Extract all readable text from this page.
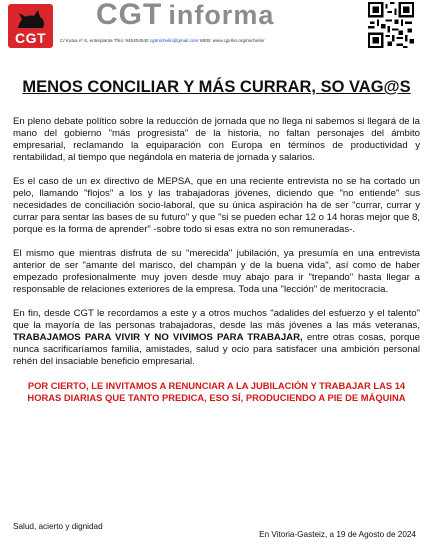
CGT
CGT informa
C/ Kutxa nº 6, entreplanta Tfno: 945204040 cgtmichelin@gmail.com WEB: www.cgt-lkn.org/michelin/
MENOS CONCILIAR Y MÁS CURRAR, SO VAG@S

En pleno debate político sobre la reducción de jornada que no llega ni sabemos si llegará de la mano del gobierno "más progresista" de la historia, no faltan personajes del ámbito empresarial, reclamando la equiparación con Europa en términos de productividad y rentabilidad, al tiempo que negándola en materia de jornada y salarios.

Es el caso de un ex directivo de MEPSA, que en una reciente entrevista no se ha cortado un pelo, llamando "flojos" a los y las trabajadoras jóvenes, diciendo que "no entiende" sus necesidades de conciliación socio-laboral, que su única aspiración ha de ser "currar, currar y currar para sentar las bases de su futuro" y que "si se pueden echar 12 o 14 horas mejor que 8, porque es la forma de aprender" -sobre todo si esas extra no son remuneradas-.

El mismo que mientras disfruta de su "merecida" jubilación, ya presumía en una entrevista anterior de ser "amante del marisco, del champán y de la buena vida", así como de haber empezado profesionalmente muy joven desde muy abajo para ir "trepando" hasta llegar a responsable de relaciones exteriores de la empresa. Toda una "lección" de meritocracia.

En fin, desde CGT le recordamos a este y a otros muchos "adalides del esfuerzo y el talento" que la mayoría de las personas trabajadoras, desde las más jóvenes a las más veteranas, TRABAJAMOS PARA VIVIR Y NO VIVIMOS PARA TRABAJAR, entre otras cosas, porque nunca sacrificaríamos familia, amistades, salud y ocio para satisfacer una ambición personal rehén del insaciable beneficio empresarial.

POR CIERTO, LE INVITAMOS A RENUNCIAR A LA JUBILACIÓN Y TRABAJAR LAS 14 HORAS DIARIAS QUE TANTO PREDICA, ESO SÍ, PRODUCIENDO A PIE DE MÁQUINA

Salud, acierto y dignidad
En Vitoria-Gasteiz, a 19 de Agosto de 2024
